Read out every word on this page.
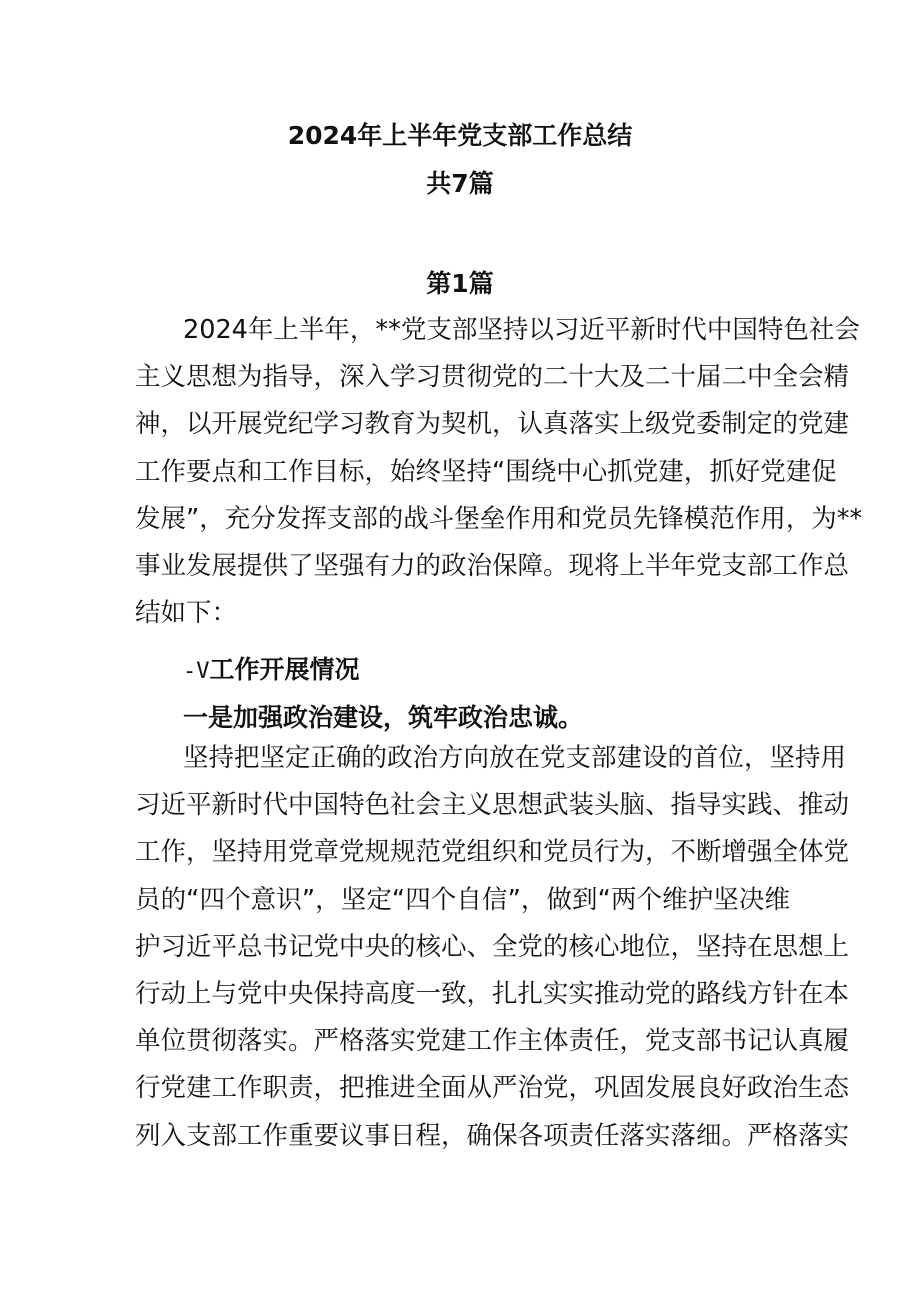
2024年上半年党支部工作总结
共7篇
第1篇
2024年上半年，**党支部坚持以习近平新时代中国特色社会
主义思想为指导，深入学习贯彻党的二十大及二十届二中全会精
神，以开展党纪学习教育为契机，认真落实上级党委制定的党建
工作要点和工作目标，始终坚持“围绕中心抓党建，抓好党建促
发展”，充分发挥支部的战斗堡垒作用和党员先锋模范作用，为**
事业发展提供了坚强有力的政治保障。现将上半年党支部工作总
结如下：
-V工作开展情况
一是加强政治建设，筑牢政治忠诚。
坚持把坚定正确的政治方向放在党支部建设的首位，坚持用
习近平新时代中国特色社会主义思想武装头脑、指导实践、推动
工作，坚持用党章党规规范党组织和党员行为，不断增强全体党
员的“四个意识”，坚定“四个自信”，做到“两个维护坚决维
护习近平总书记党中央的核心、全党的核心地位，坚持在思想上
行动上与党中央保持高度一致，扎扎实实推动党的路线方针在本
单位贯彻落实。严格落实党建工作主体责任，党支部书记认真履
行党建工作职责，把推进全面从严治党，巩固发展良好政治生态
列入支部工作重要议事日程，确保各项责任落实落细。严格落实
